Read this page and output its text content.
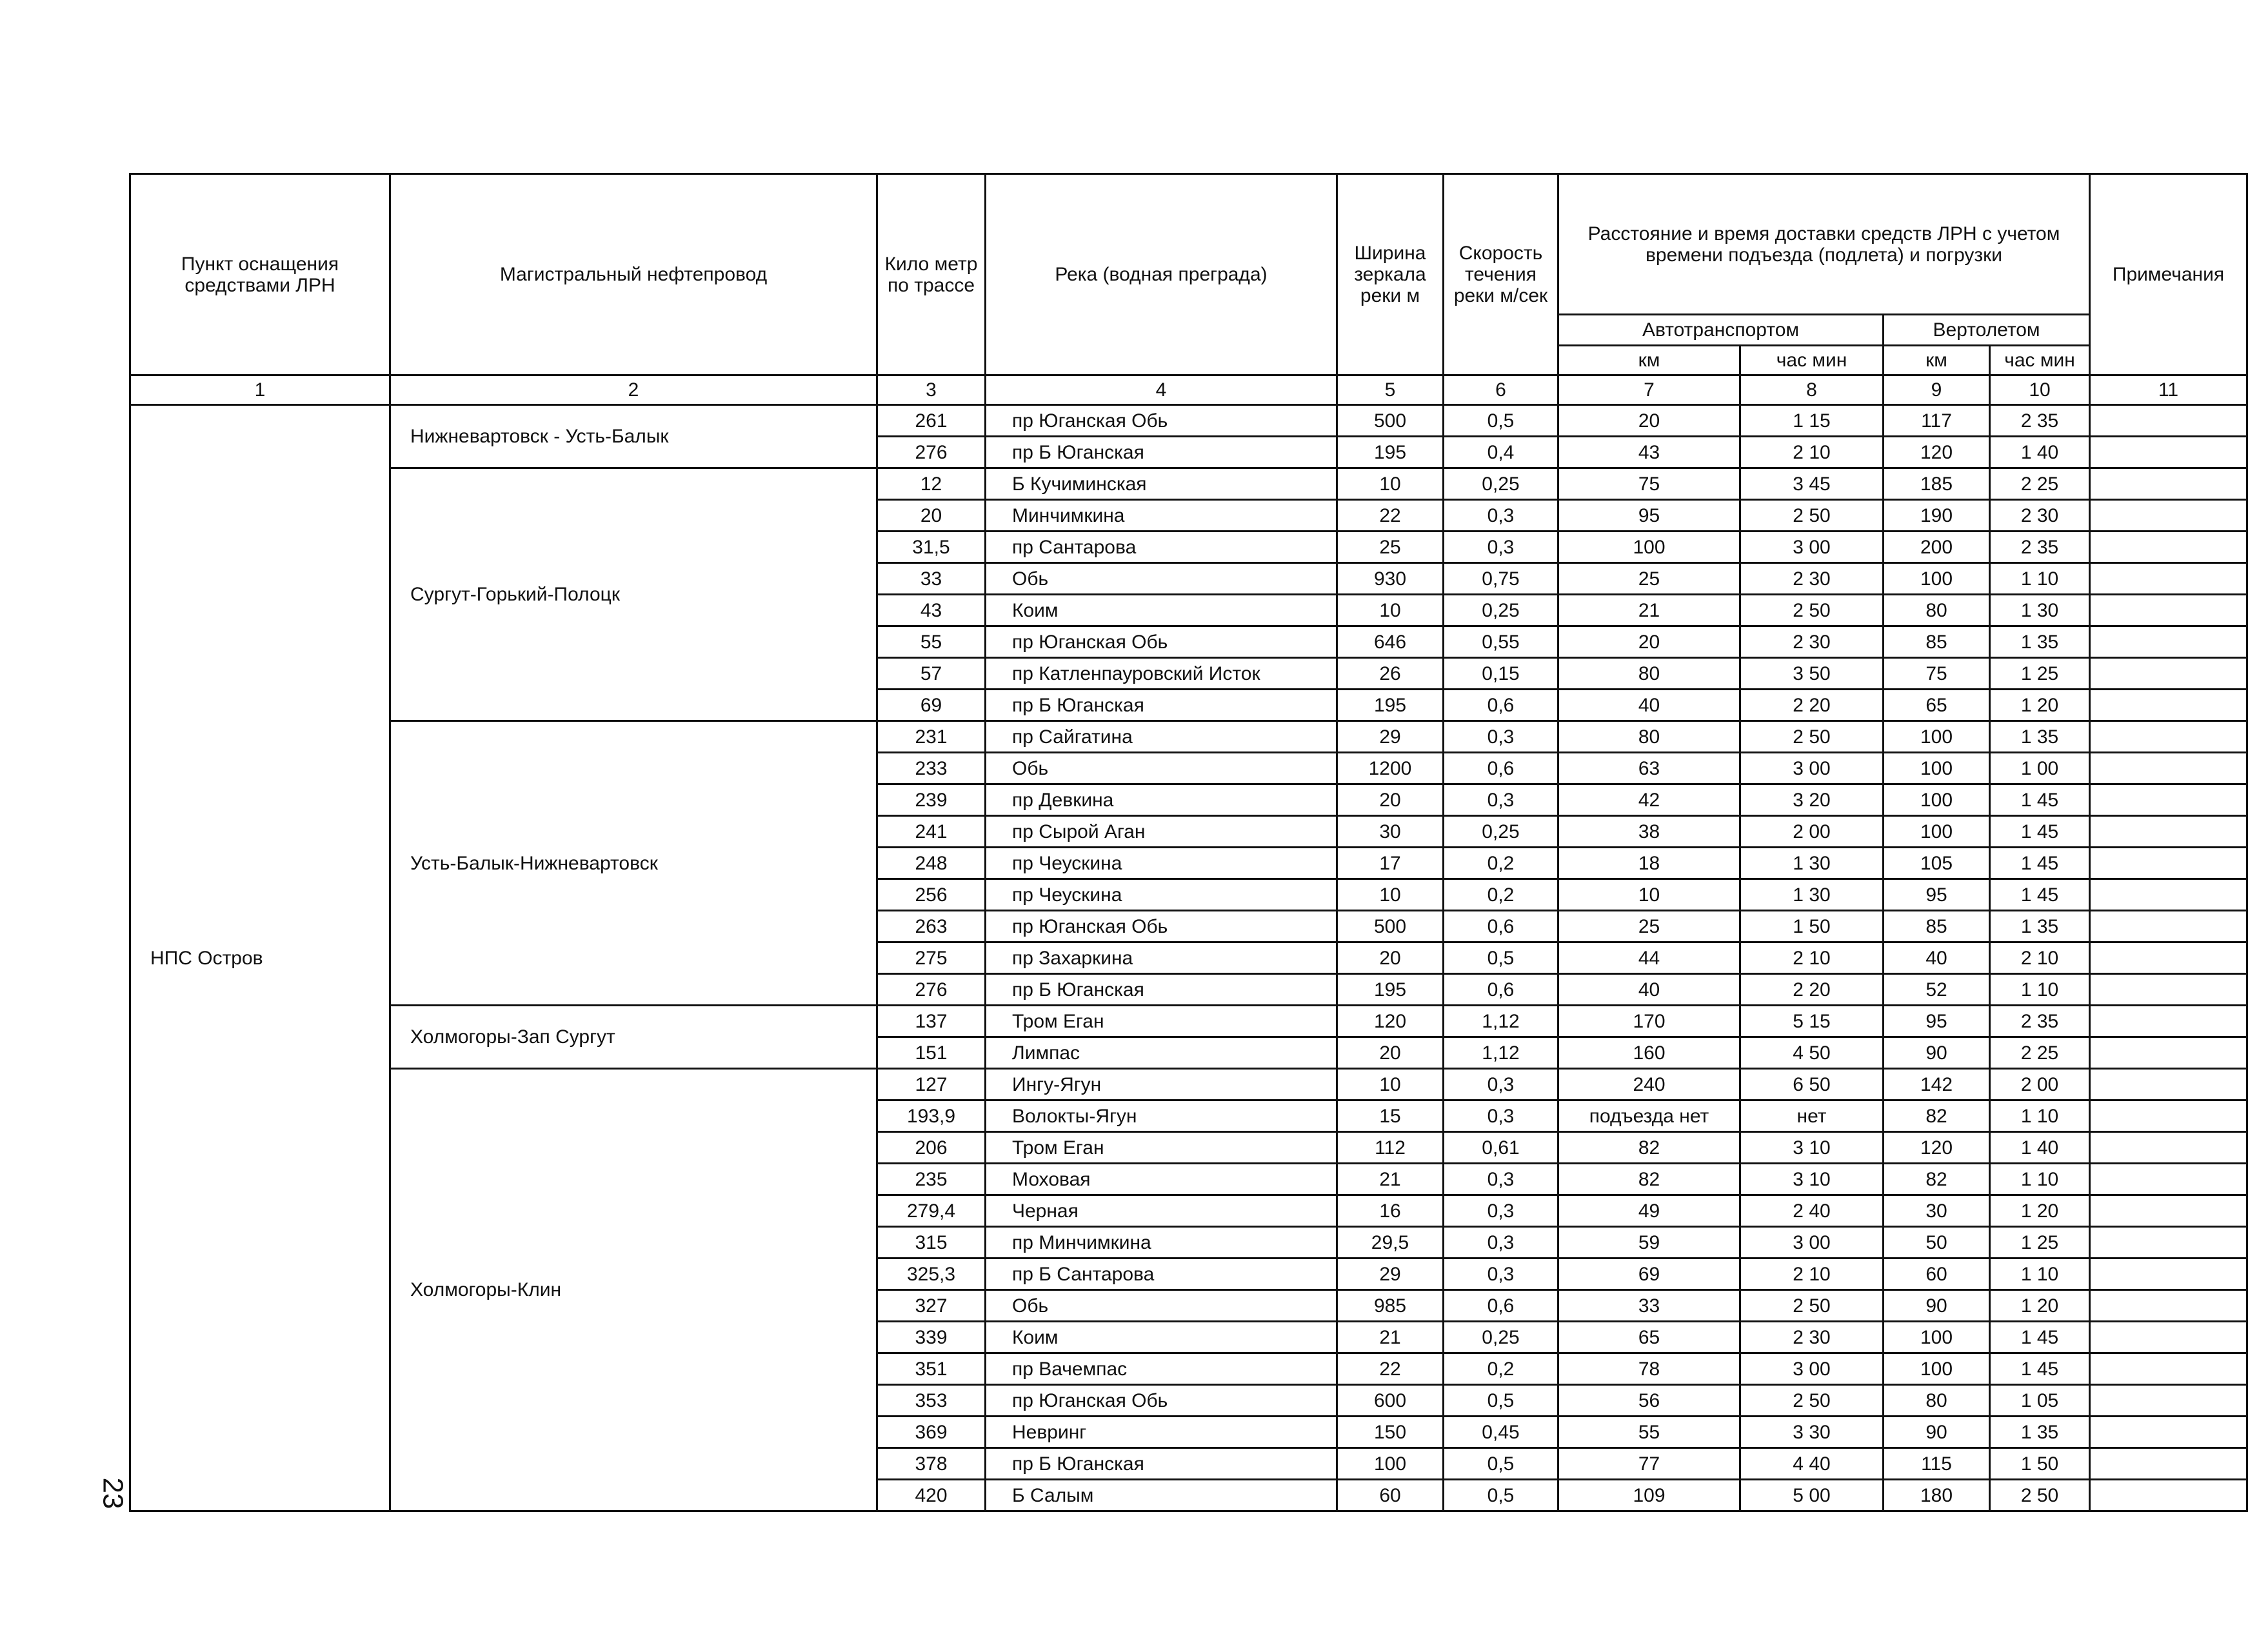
Пункт оснащения средствами ЛРН	Магистральный нефтепровод	Кило метр по трассе	Река (водная преграда)	Ширина зеркала реки м	Скорость течения реки м/сек	Расстояние и время доставки средств ЛРН с учетом времени подъезда (подлета) и погрузки				Примечания
						Автотранспортом		Вертолетом		
						км	час мин	км	час мин	
1	2	3	4	5	6	7	8	9	10	11
НПС Остров	Нижневартовск - Усть-Балык	261	пр Юганская Обь	500	0,5	20	1 15	117	2 35	
		276	пр Б Юганская	195	0,4	43	2 10	120	1 40	
	Сургут-Горький-Полоцк	12	Б Кучиминская	10	0,25	75	3 45	185	2 25	
		20	Минчимкина	22	0,3	95	2 50	190	2 30	
		31,5	пр Сантарова	25	0,3	100	3 00	200	2 35	
		33	Обь	930	0,75	25	2 30	100	1 10	
		43	Коим	10	0,25	21	2 50	80	1 30	
		55	пр Юганская Обь	646	0,55	20	2 30	85	1 35	
		57	пр Катленпауровский Исток	26	0,15	80	3 50	75	1 25	
		69	пр Б Юганская	195	0,6	40	2 20	65	1 20	
	Усть-Балык-Нижневартовск	231	пр Сайгатина	29	0,3	80	2 50	100	1 35	
		233	Обь	1200	0,6	63	3 00	100	1 00	
		239	пр Девкина	20	0,3	42	3 20	100	1 45	
		241	пр Сырой Аган	30	0,25	38	2 00	100	1 45	
		248	пр Чеускина	17	0,2	18	1 30	105	1 45	
		256	пр Чеускина	10	0,2	10	1 30	95	1 45	
		263	пр Юганская Обь	500	0,6	25	1 50	85	1 35	
		275	пр Захаркина	20	0,5	44	2 10	40	2 10	
		276	пр Б Юганская	195	0,6	40	2 20	52	1 10	
	Холмогоры-Зап Сургут	137	Тром Еган	120	1,12	170	5 15	95	2 35	
		151	Лимпас	20	1,12	160	4 50	90	2 25	
	Холмогоры-Клин	127	Ингу-Ягун	10	0,3	240	6 50	142	2 00	
		193,9	Волокты-Ягун	15	0,3	подъезда нет	нет	82	1 10	
		206	Тром Еган	112	0,61	82	3 10	120	1 40	
		235	Моховая	21	0,3	82	3 10	82	1 10	
		279,4	Черная	16	0,3	49	2 40	30	1 20	
		315	пр Минчимкина	29,5	0,3	59	3 00	50	1 25	
		325,3	пр Б Сантарова	29	0,3	69	2 10	60	1 10	
		327	Обь	985	0,6	33	2 50	90	1 20	
		339	Коим	21	0,25	65	2 30	100	1 45	
		351	пр Вачемпас	22	0,2	78	3 00	100	1 45	
		353	пр Юганская Обь	600	0,5	56	2 50	80	1 05	
		369	Невринг	150	0,45	55	3 30	90	1 35	
		378	пр Б Юганская	100	0,5	77	4 40	115	1 50	
		420	Б Салым	60	0,5	109	5 00	180	2 50	
23
